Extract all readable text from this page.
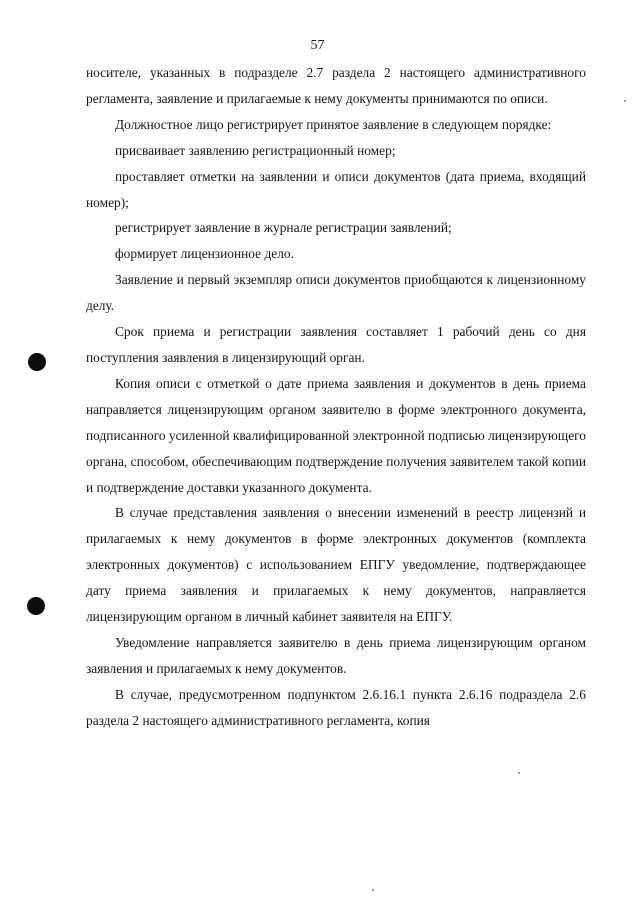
57

носителе, указанных в подразделе 2.7 раздела 2 настоящего административного регламента, заявление и прилагаемые к нему документы принимаются по описи.

Должностное лицо регистрирует принятое заявление в следующем порядке:

присваивает заявлению регистрационный номер;

проставляет отметки на заявлении и описи документов (дата приема, входящий номер);

регистрирует заявление в журнале регистрации заявлений;

формирует лицензионное дело.

Заявление и первый экземпляр описи документов приобщаются к лицензионному делу.

Срок приема и регистрации заявления составляет 1 рабочий день со дня поступления заявления в лицензирующий орган.

Копия описи с отметкой о дате приема заявления и документов в день приема направляется лицензирующим органом заявителю в форме электронного документа, подписанного усиленной квалифицированной электронной подписью лицензирующего органа, способом, обеспечивающим подтверждение получения заявителем такой копии и подтверждение доставки указанного документа.

В случае представления заявления о внесении изменений в реестр лицензий и прилагаемых к нему документов в форме электронных документов (комплекта электронных документов) с использованием ЕПГУ уведомление, подтверждающее дату приема заявления и прилагаемых к нему документов, направляется лицензирующим органом в личный кабинет заявителя на ЕПГУ.

Уведомление направляется заявителю в день приема лицензирующим органом заявления и прилагаемых к нему документов.

В случае, предусмотренном подпунктом 2.6.16.1 пункта 2.6.16 подраздела 2.6 раздела 2 настоящего административного регламента, копия
